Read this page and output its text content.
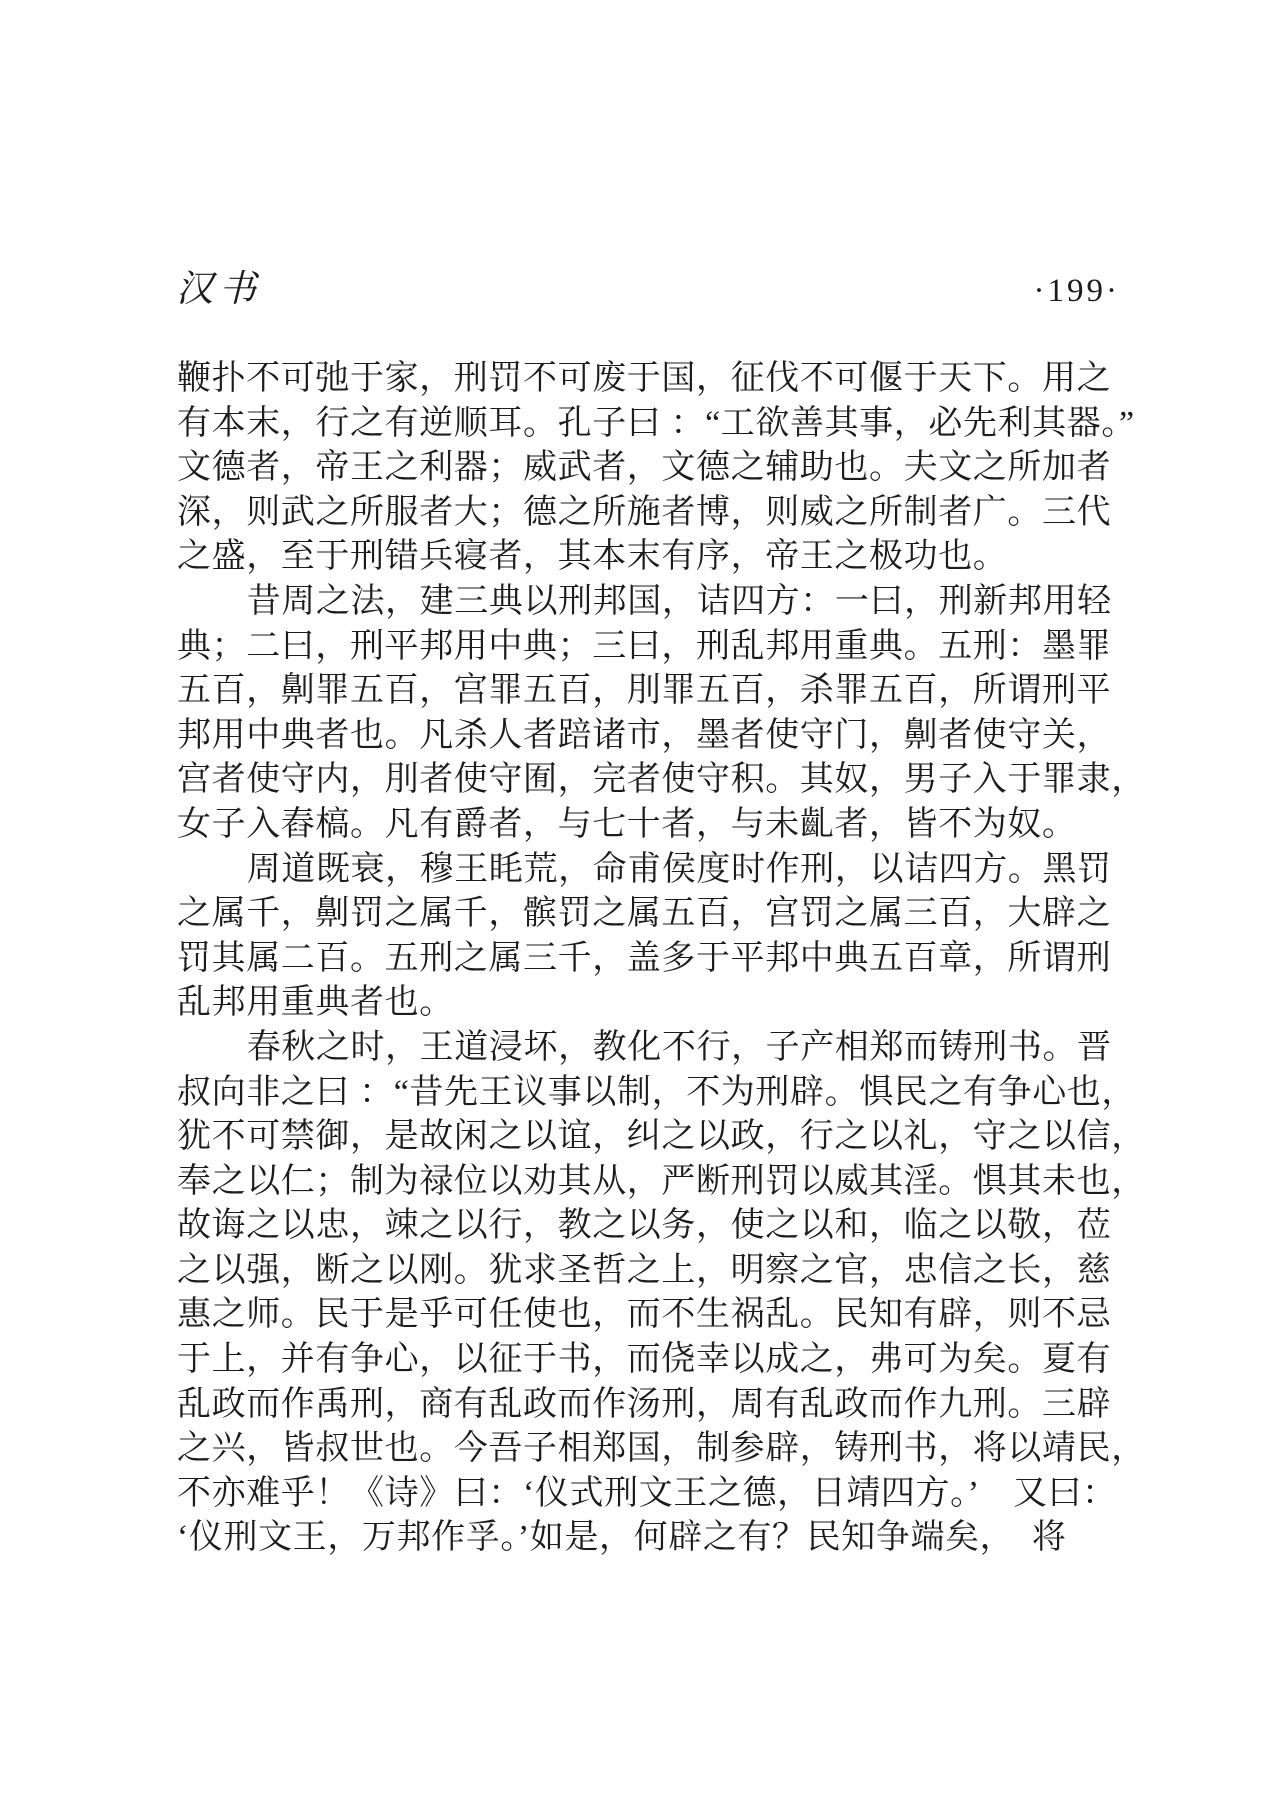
汉书	·199·
鞭扑不可弛于家，刑罚不可废于国，征伐不可偃于天下。用之
有本末，行之有逆顺耳。孔子曰 ：“工欲善其事，必先利其器。”
文德者，帝王之利器；威武者，文德之辅助也。夫文之所加者
深，则武之所服者大；德之所施者博，则威之所制者广。三代
之盛，至于刑错兵寝者，其本末有序，帝王之极功也。
昔周之法，建三典以刑邦国，诘四方：一曰，刑新邦用轻
典；二曰，刑平邦用中典；三曰，刑乱邦用重典。五刑：墨罪
五百，劓罪五百，宫罪五百，刖罪五百，杀罪五百，所谓刑平
邦用中典者也。凡杀人者踣诸市，墨者使守门，劓者使守关，
宫者使守内，刖者使守囿，完者使守积。其奴，男子入于罪隶，
女子入舂槁。凡有爵者，与七十者，与未齓者，皆不为奴。
周道既衰，穆王眊荒，命甫侯度时作刑，以诘四方。黑罚
之属千，劓罚之属千，髌罚之属五百，宫罚之属三百，大辟之
罚其属二百。五刑之属三千，盖多于平邦中典五百章，所谓刑
乱邦用重典者也。
春秋之时，王道浸坏，教化不行，子产相郑而铸刑书。晋
叔向非之曰 ：“昔先王议事以制，不为刑辟。惧民之有争心也，
犹不可禁御，是故闲之以谊，纠之以政，行之以礼，守之以信，
奉之以仁；制为禄位以劝其从，严断刑罚以威其淫。惧其未也，
故诲之以忠，竦之以行，教之以务，使之以和，临之以敬，莅
之以强，断之以刚。犹求圣哲之上，明察之官，忠信之长，慈
惠之师。民于是乎可任使也，而不生祸乱。民知有辟，则不忌
于上，并有争心，以征于书，而侥幸以成之，弗可为矣。夏有
乱政而作禹刑，商有乱政而作汤刑，周有乱政而作九刑。三辟
之兴，皆叔世也。今吾子相郑国，制参辟，铸刑书，将以靖民，
不亦难乎！《诗》曰：‘仪式刑文王之德，日靖四方。’　又曰：
‘仪刑文王，万邦作孚。’如是，何辟之有？民知争端矣，　将
